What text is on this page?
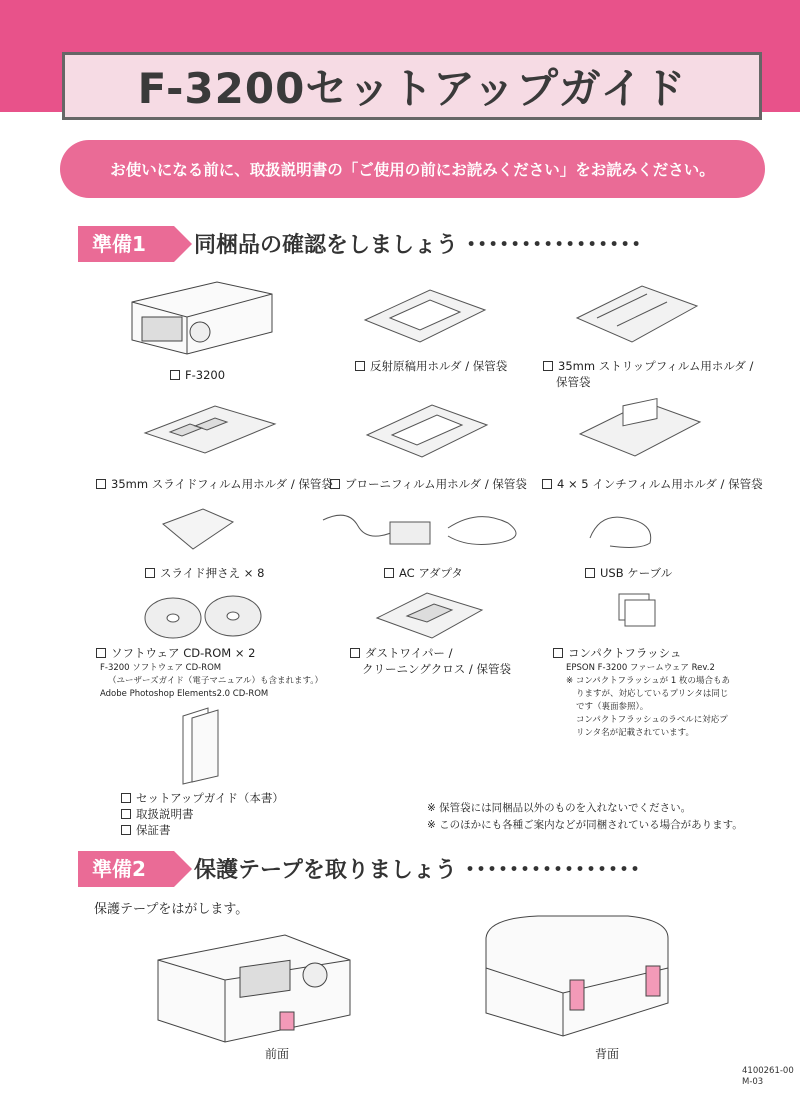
F-3200セットアップガイド
お使いになる前に、取扱説明書の「ご使用の前にお読みください」をお読みください。
準備1	同梱品の確認をしましょう ････････････････
F-3200
反射原稿用ホルダ / 保管袋	35mm ストリップフィルム用ホルダ /
保管袋
35mm スライドフィルム用ホルダ / 保管袋	ブローニフィルム用ホルダ / 保管袋	4 × 5 インチフィルム用ホルダ / 保管袋
スライド押さえ × 8	AC アダプタ	USB ケーブル
ソフトウェア CD-ROM × 2	ダストワイパー /
クリーニングクロス / 保管袋
コンパクトフラッシュ
F-3200 ソフトウェア CD-ROM
（ユーザーズガイド（電子マニュアル）も含まれます。）
Adobe Photoshop Elements2.0 CD-ROM
EPSON F-3200 ファームウェア Rev.2
※ コンパクトフラッシュが 1 枚の場合もあ
りますが、対応しているプリンタは同じ
です（裏面参照）。
コンパクトフラッシュのラベルに対応プ
リンタ名が記載されています。
セットアップガイド（本書）
取扱説明書
保証書
※ 保管袋には同梱品以外のものを入れないでください。
※ このほかにも各種ご案内などが同梱されている場合があります。
準備2	保護テープを取りましょう ････････････････
保護テープをはがします。
前面	背面
4100261-00
M-03
